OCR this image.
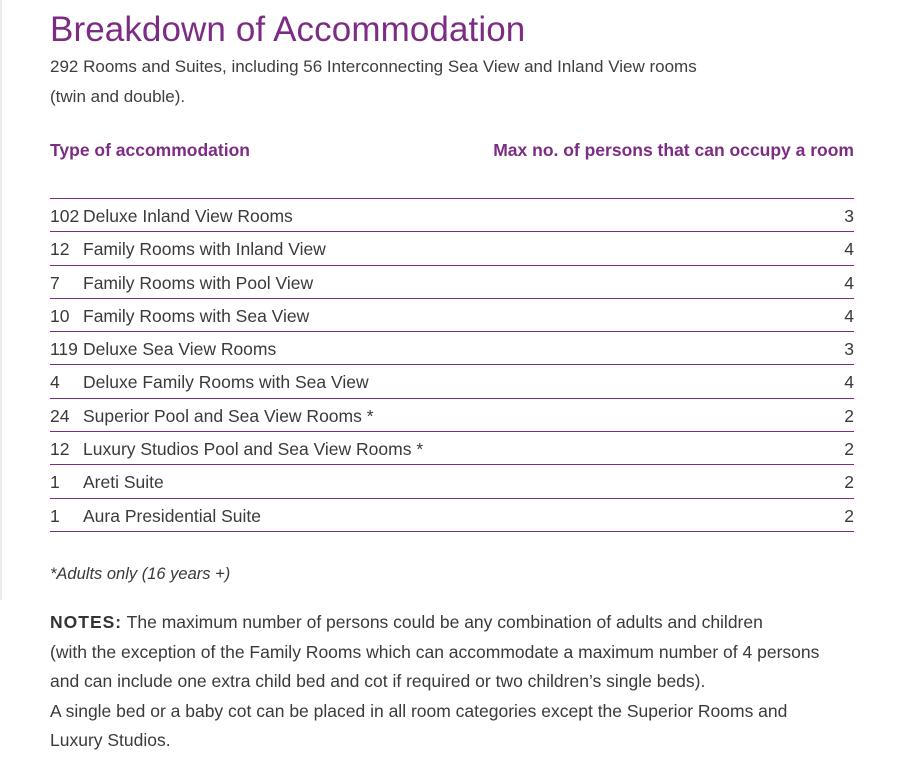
Breakdown of Accommodation
292 Rooms and Suites, including 56 Interconnecting Sea View and Inland View rooms
(twin and double).
Type of accommodation	Max no. of persons that can occupy a room
102 Deluxe Inland View Rooms	3
12 Family Rooms with Inland View	4
7 Family Rooms with Pool View	4
10 Family Rooms with Sea View	4
119 Deluxe Sea View Rooms	3
4 Deluxe Family Rooms with Sea View	4
24 Superior Pool and Sea View Rooms *	2
12 Luxury Studios Pool and Sea View Rooms *	2
1 Areti Suite	2
1 Aura Presidential Suite	2
*Adults only (16 years +)
NOTES: The maximum number of persons could be any combination of adults and children
(with the exception of the Family Rooms which can accommodate a maximum number of 4 persons
and can include one extra child bed and cot if required or two children’s single beds).
A single bed or a baby cot can be placed in all room categories except the Superior Rooms and
Luxury Studios.
